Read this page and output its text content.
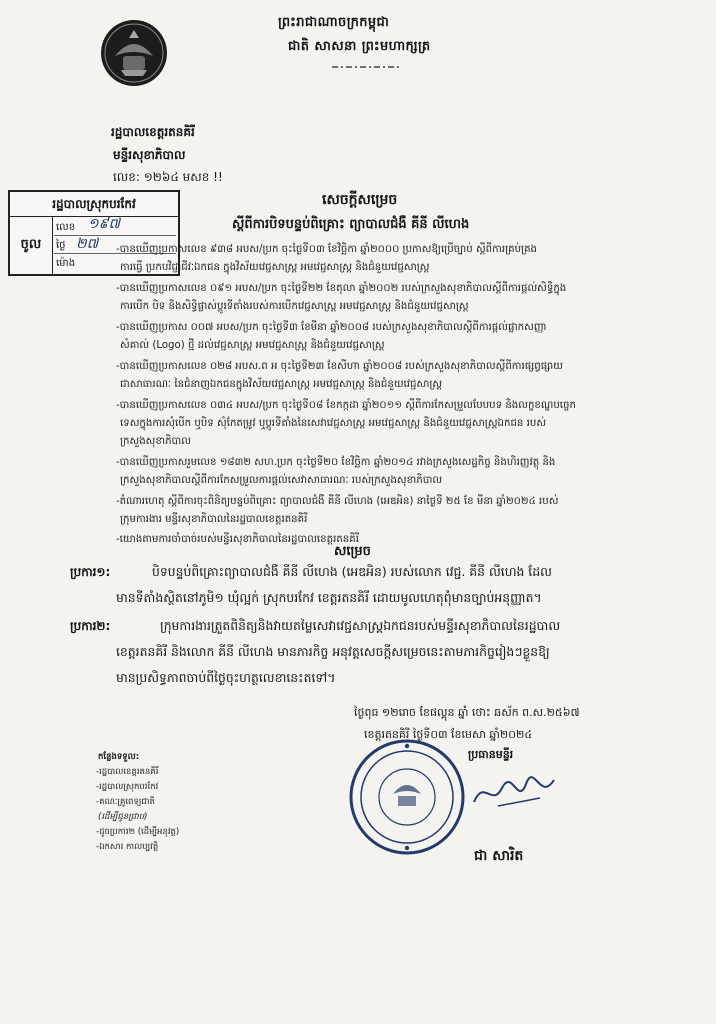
ព្រះរាជាណាចក្រកម្ពុជា
ជាតិ សាសនា ព្រះមហាក្សត្រ
រដ្ឋបាលខេត្តរតនគិរី
មន្ទីរសុខាភិបាល
លេខ: ១២៦៤ មសខ !!
រដ្ឋបាលស្រុកបរកែវ
ចូល
លេខ ១៩៧
ថ្ងៃ ២៧
ម៉ោង
សេចក្តីសម្រេច
ស្តីពីការបិទបន្ទប់ពិគ្រោះ ព្យាបាលជំងឺ គីនី លីហេង
-បានឃើញប្រកាសលេខ ៩៣៨ អបស/ប្រក ចុះថ្ងៃទី០៣ ខែវិច្ឆិកា ឆ្នាំ២០០០ ប្រកាសឱ្យប្រើច្បាប់ ស្តីពីការគ្រប់គ្រង
ការធ្វើ ប្រកបវិជ្ជាជីវៈឯកជន ក្នុងវិស័យវេជ្ជសាស្ត្រ អមវេជ្ជសាស្ត្រ និងជំនួយវេជ្ជសាស្ត្រ
-បានឃើញប្រកាសលេខ ០៩១ អបស/ប្រក ចុះថ្ងៃទី២២ ខែតុលា ឆ្នាំ២០០២ របស់ក្រសួងសុខាភិបាលស្តីពីការផ្តល់សិទ្ធិក្នុង
ការបើក បិទ និងសិទ្ធិផ្លាស់ប្តូរទីតាំងរបស់ការបើកវេជ្ជសាស្ត្រ អមវេជ្ជសាស្ត្រ និងជំនួយវេជ្ជសាស្ត្រ
-បានឃើញប្រកាស ០០៧ អបស/ប្រក ចុះថ្ងៃទី៣ ខែមីនា ឆ្នាំ២០០៨ របស់ក្រសួងសុខាភិបាលស្តីពីការផ្តល់ផ្លាកសញ្ញា
សំគាល់ (Logo) ថ្មី ដល់វេជ្ជសាស្ត្រ អមវេជ្ជសាស្ត្រ និងជំនួយវេជ្ជសាស្ត្រ
-បានឃើញប្រកាសលេខ ០២៨ អបស.ព អ ចុះថ្ងៃទី២៣ ខែសីហា ឆ្នាំ២០០៨ របស់ក្រសួងសុខាភិបាលស្តីពីការផ្សព្វផ្សាយ
ជាសាធារណៈ នៃជំនាញឯកជនក្នុងវិស័យវេជ្ជសាស្ត្រ អមវេជ្ជសាស្ត្រ និងជំនួយវេជ្ជសាស្ត្រ
-បានឃើញប្រកាសលេខ ០៣៤ អបស/ប្រក ចុះថ្ងៃទី០៨ ខែកក្កដា ឆ្នាំ២០១១ ស្តីពីការកែសម្រួលបែបបទ និងលក្ខខណ្ឌបច្ចេក
ទេសក្នុងការសុំបើក ឬបិទ សុំកែតម្រូវ ឬប្តូរទីតាំងនៃសេវាវេជ្ជសាស្ត្រ អមវេជ្ជសាស្ត្រ និងជំនួយវេជ្ជសាស្ត្រឯកជន របស់
ក្រសួងសុខាភិបាល
-បានឃើញប្រកាសរួមលេខ ១៨៣២ សហ.ប្រក ចុះថ្ងៃទី២០ ខែវិច្ឆិកា ឆ្នាំ២០១៤ រវាងក្រសួងសេដ្ឋកិច្ច និងហិរញ្ញវត្ថុ និង
ក្រសួងសុខាភិបាលស្តីពីការកែសម្រួលការផ្តល់សេវាសាធារណៈ របស់ក្រសួងសុខាភិបាល
-តំណារហេតុ ស្តីពីការចុះពិនិត្យបន្ទប់ពិគ្រោះ ព្យាបាលជំងឺ គីនី លីហេង (អេឌអិន) នាថ្ងៃទី ២៥ ខែ មីនា ឆ្នាំ២០២៤ របស់
ក្រុមការងារ មន្ទីរសុខាភិបាលនៃរដ្ឋបាលខេត្តរតនគិរី
-យោងតាមការចាំបាច់របស់មន្ទីរសុខាភិបាលនៃរដ្ឋបាលខេត្តរតនគិរី
សម្រេច
ប្រការ១:	បិទបន្ទប់ពិគ្រោះព្យាបាលជំងឺ គីនី លីហេង (អេឌអិន) របស់លោក វេជ្ជ. គីនី លីហេង ដែល
មានទីតាំងស្ថិតនៅភូមិ១ ឃុំល្អក់ ស្រុកបរកែវ ខេត្តរតនគិរី ដោយមូលហេតុពុំមានច្បាប់អនុញ្ញាត។
ប្រការ២:	ក្រុមការងារត្រួតពិនិត្យនិងវាយតម្លៃសេវាវេជ្ជសាស្ត្រឯកជនរបស់មន្ទីរសុខាភិបាលនៃរដ្ឋបាល
ខេត្តរតនគិរី និងលោក គីនី លីហេង មានភារកិច្ច អនុវត្តសេចក្តីសម្រេចនេះតាមភារកិច្ចរៀងៗខ្លួនឱ្យ
មានប្រសិទ្ធភាពចាប់ពីថ្ងៃចុះហត្ថលេខានេះតទៅ។
ថ្ងៃពុធ ១២រោច ខែផល្គុន ឆ្នាំ ថោះ ឆស័ក ព.ស.២៥៦៧
ខេត្តរតនគិរី ថ្ងៃទី០៣ ខែមេសា ឆ្នាំ២០២៤
ប្រធានមន្ទីរ
ជា សារិត
កន្លែងទទួល:
-រដ្ឋបាលខេត្តរតនគិរី
-រដ្ឋបាលស្រុកបរកែវ
-គណៈគ្រូពេទ្យជាតិ
(ដើម្បីជូនជ្រាប)
-ដូចប្រការ២ (ដើម្បីអនុវត្ត)
-ឯកសារ កាលប្បវត្តិ
